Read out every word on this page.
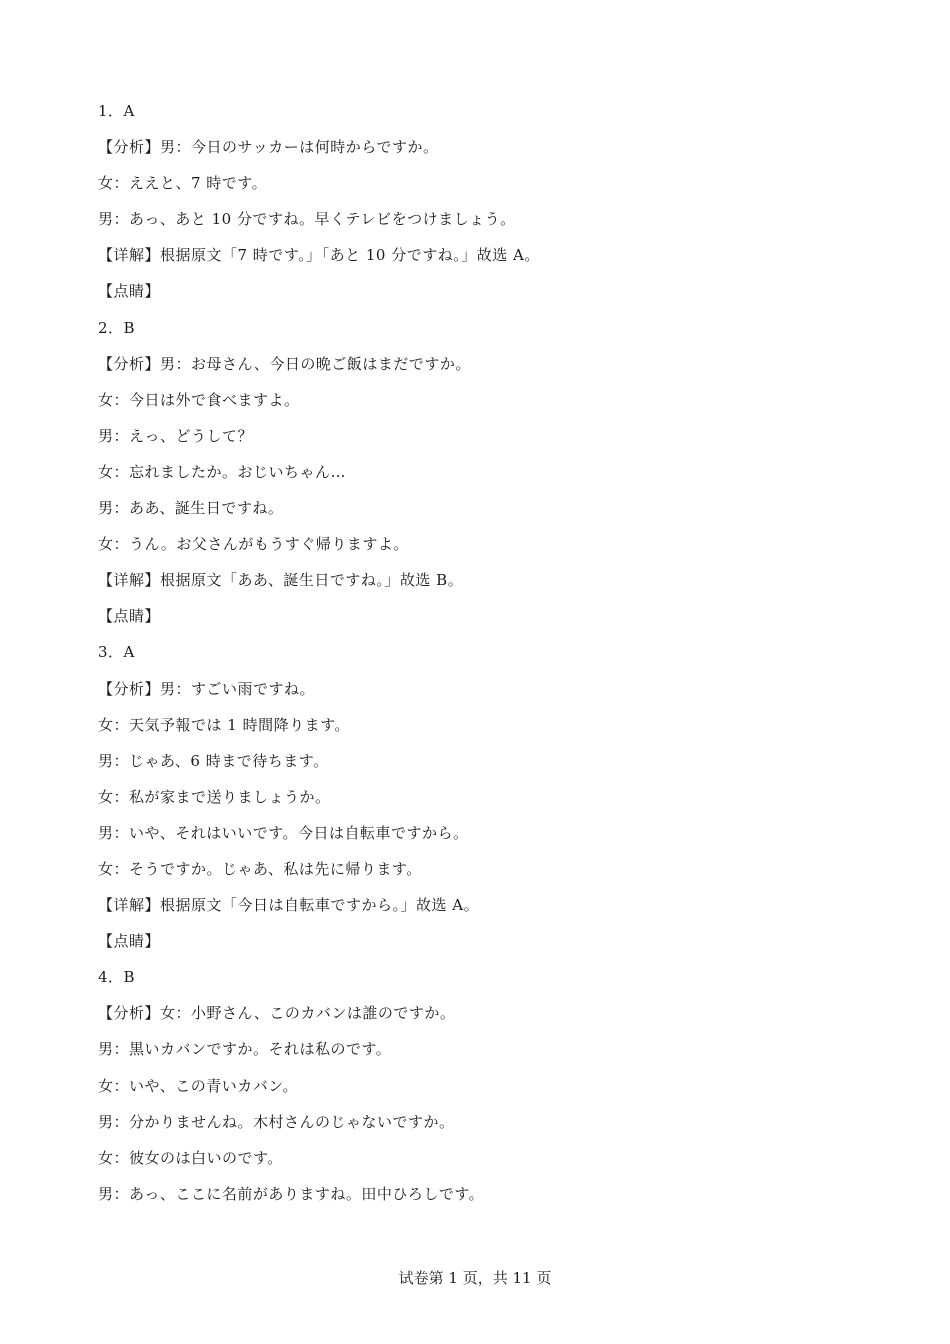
1．A
【分析】男：今日のサッカーは何時からですか。
女：ええと、7 時です。
男：あっ、あと 10 分ですね。早くテレビをつけましょう。
【详解】根据原文「7 時です。」「あと 10 分ですね。」故选 A。
【点睛】
2．B
【分析】男：お母さん、今日の晩ご飯はまだですか。
女：今日は外で食べますよ。
男：えっ、どうして？
女：忘れましたか。おじいちゃん…
男：ああ、誕生日ですね。
女：うん。お父さんがもうすぐ帰りますよ。
【详解】根据原文「ああ、誕生日ですね。」故选 B。
【点睛】
3．A
【分析】男：すごい雨ですね。
女：天気予報では 1 時間降ります。
男：じゃあ、6 時まで待ちます。
女：私が家まで送りましょうか。
男：いや、それはいいです。今日は自転車ですから。
女：そうですか。じゃあ、私は先に帰ります。
【详解】根据原文「今日は自転車ですから。」故选 A。
【点睛】
4．B
【分析】女：小野さん、このカバンは誰のですか。
男：黒いカバンですか。それは私のです。
女：いや、この青いカバン。
男：分かりませんね。木村さんのじゃないですか。
女：彼女のは白いのです。
男：あっ、ここに名前がありますね。田中ひろしです。
试卷第 1 页，共 11 页
